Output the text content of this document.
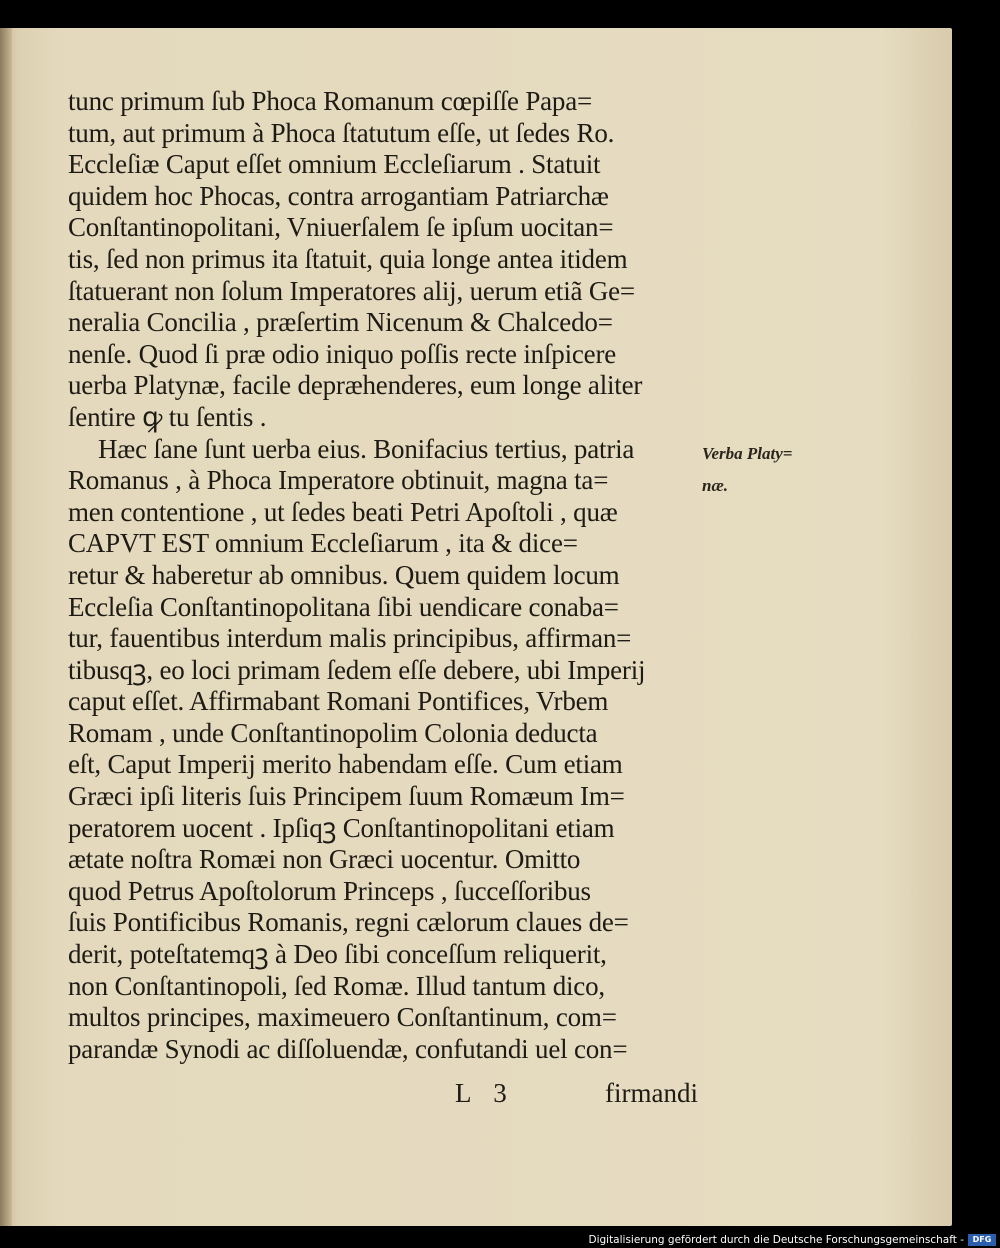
tunc primum ſub Phoca Romanum cœpiſſe Papa=
tum, aut primum à Phoca ſtatutum eſſe, ut ſedes Ro.
Eccleſiæ Caput eſſet omnium Eccleſiarum . Statuit
quidem hoc Phocas, contra arrogantiam Patriarchæ
Conſtantinopolitani, Vniuerſalem ſe ipſum uocitan=
tis, ſed non primus ita ſtatuit, quia longe antea itidem
ſtatuerant non ſolum Imperatores alij, uerum etiã Ge=
neralia Concilia , præſertim Nicenum & Chalcedo=
nenſe. Quod ſi præ odio iniquo poſſis recte inſpicere
uerba Platynæ, facile depræhenderes, eum longe aliter
ſentire ꝙ tu ſentis .
Hæc ſane ſunt uerba eius. Bonifacius tertius, patria
Romanus , à Phoca Imperatore obtinuit, magna ta=
men contentione , ut ſedes beati Petri Apoſtoli , quæ
CAPVT EST omnium Eccleſiarum , ita & dice=
retur & haberetur ab omnibus. Quem quidem locum
Eccleſia Conſtantinopolitana ſibi uendicare conaba=
tur, fauentibus interdum malis principibus, affirman=
tibusqꝫ, eo loci primam ſedem eſſe debere, ubi Imperij
caput eſſet. Affirmabant Romani Pontifices, Vrbem
Romam , unde Conſtantinopolim Colonia deducta
eſt, Caput Imperij merito habendam eſſe. Cum etiam
Græci ipſi literis ſuis Principem ſuum Romæum Im=
peratorem uocent . Ipſiqꝫ Conſtantinopolitani etiam
ætate noſtra Romæi non Græci uocentur. Omitto
quod Petrus Apoſtolorum Princeps , ſucceſſoribus
ſuis Pontificibus Romanis, regni cælorum claues de=
derit, poteſtatemqꝫ à Deo ſibi conceſſum reliquerit,
non Conſtantinopoli, ſed Romæ. Illud tantum dico,
multos principes, maximeuero Conſtantinum, com=
parandæ Synodi ac diſſoluendæ, confutandi uel con=
Verba Platy=
næ.
L 3	firmandi
Digitalisierung gefördert durch die Deutsche Forschungsgemeinschaft -	DFG
